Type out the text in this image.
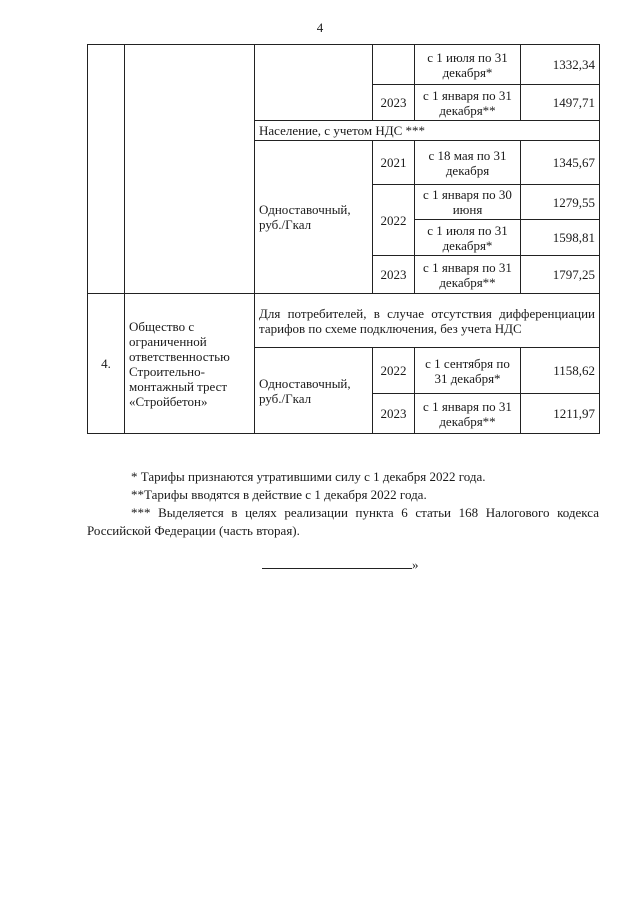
4
				с 1 июля по 31 декабря*	1332,34
			2023	с 1 января по 31 декабря**	1497,71
		Население, с учетом НДС ***			
		Одноставочный, руб./Гкал	2021	с 18 мая по 31 декабря	1345,67
			2022	с 1 января по 30 июня	1279,55
				с 1 июля по 31 декабря*	1598,81
			2023	с 1 января по 31 декабря**	1797,25
4.	Общество с ограниченной ответственностью Строительно-монтажный трест «Стройбетон»	Для потребителей, в случае отсутствия дифференциации тарифов по схеме подключения, без учета НДС			
		Одноставочный, руб./Гкал	2022	с 1 сентября по 31 декабря*	1158,62
			2023	с 1 января по 31 декабря**	1211,97

* Тарифы признаются утратившими силу с 1 декабря 2022 года.

**Тарифы вводятся в действие с 1 декабря 2022 года.

*** Выделяется в целях реализации пункта 6 статьи 168 Налогового кодекса Российской Федерации (часть вторая).

»
